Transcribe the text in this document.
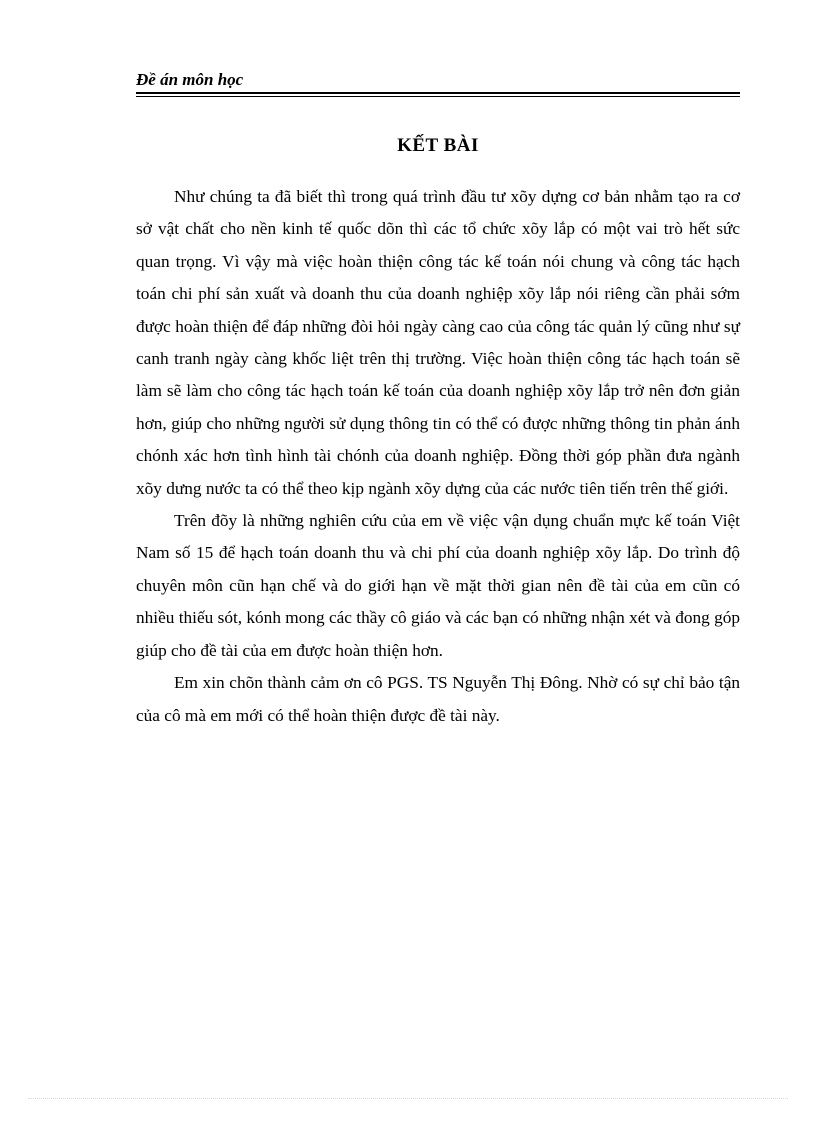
Đề án môn học
KẾT BÀI

Như chúng ta đã biết thì trong quá trình đầu tư xõy dựng cơ bản nhằm tạo ra cơ sở vật chất cho nền kinh tế quốc dõn thì các tổ chức xõy lắp có một vai trò hết sức quan trọng. Vì vậy mà việc hoàn thiện công tác kế toán nói chung và công tác hạch toán chi phí sản xuất và doanh thu của doanh nghiệp xõy lắp nói riêng cần phải sớm được hoàn thiện để đáp những đòi hỏi ngày càng cao của công tác quản lý cũng như sự canh tranh ngày càng khốc liệt trên thị trường. Việc hoàn thiện công tác hạch toán sẽ làm sẽ làm cho công tác hạch toán kế toán của doanh nghiệp xõy lắp trở nên đơn giản hơn, giúp cho những người sử dụng thông tin có thể có được những thông tin phản ánh chónh xác hơn tình hình tài chónh của doanh nghiệp. Đồng thời góp phần đưa ngành xõy dưng nước ta có thể theo kịp ngành xõy dựng của các nước tiên tiến trên thế giới.

Trên đõy là những nghiên cứu của em về việc vận dụng chuẩn mực kế toán Việt Nam số 15 để hạch toán doanh thu và chi phí của doanh nghiệp xõy lắp. Do trình độ chuyên môn cũn hạn chế và do giới hạn về mặt thời gian nên đề tài của em cũn có nhiều thiếu sót, kónh mong các thầy cô giáo và các bạn có những nhận xét và đong góp giúp cho đề tài của em được hoàn thiện hơn.

Em xin chõn thành cảm ơn cô PGS. TS Nguyễn Thị Đông. Nhờ có sự chỉ bảo tận của cô mà em mới có thể hoàn thiện được đề tài này.
